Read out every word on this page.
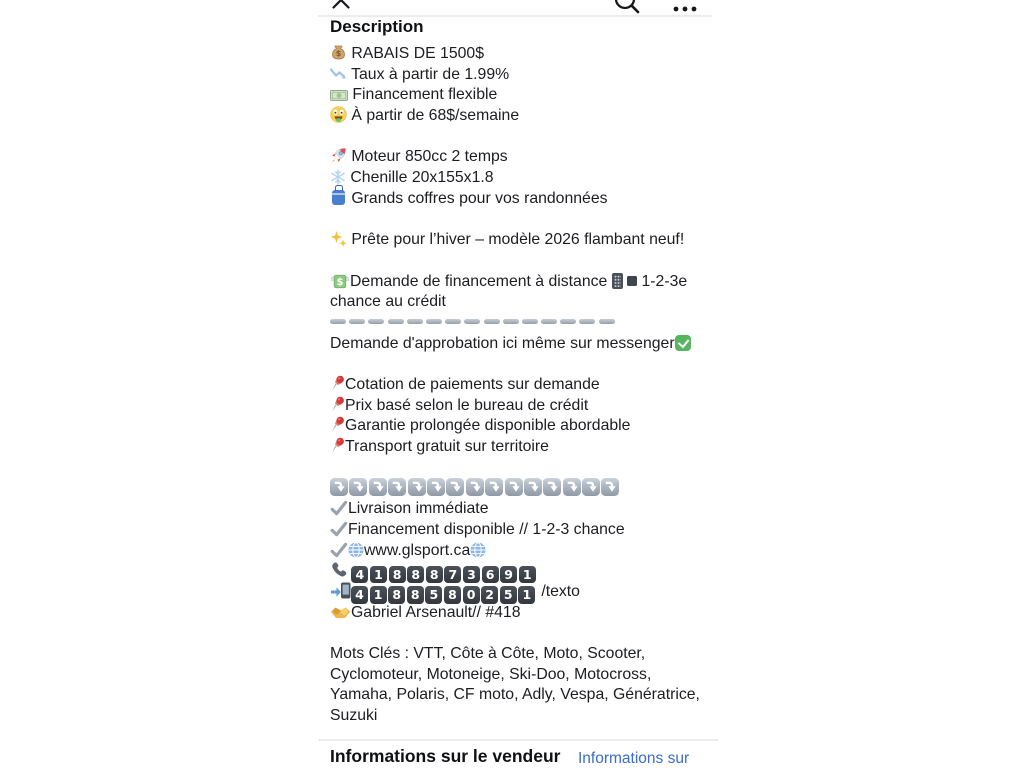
Description
$ RABAIS DE 1500$
Taux à partir de 1.99%
Financement flexible
À partir de 68$/semaine

Moteur 850cc 2 temps
Chenille 20x155x1.8
Grands coffres pour vos randonnées

Prête pour l’hiver – modèle 2026 flambant neuf!

$ Demande de financement à distance   1-2-3e
chance au crédit
Demande d'approbation ici même sur messenger

Cotation de paiements sur demande
Prix basé selon le bureau de crédit
Garantie prolongée disponible abordable
Transport gratuit sur territoire

Livraison immédiate
Financement disponible // 1-2-3 chance
www.glsport.ca
4 1 8 8 8 7 3 6 9 1
4 1 8 8 5 8 0 2 5 1 /texto
Gabriel Arsenault// #418

Mots Clés : VTT, Côte à Côte, Moto, Scooter,
Cyclomoteur, Motoneige, Ski-Doo, Motocross,
Yamaha, Polaris, CF moto, Adly, Vespa, Génératrice,
Suzuki
Informations sur le vendeur Informations sur
